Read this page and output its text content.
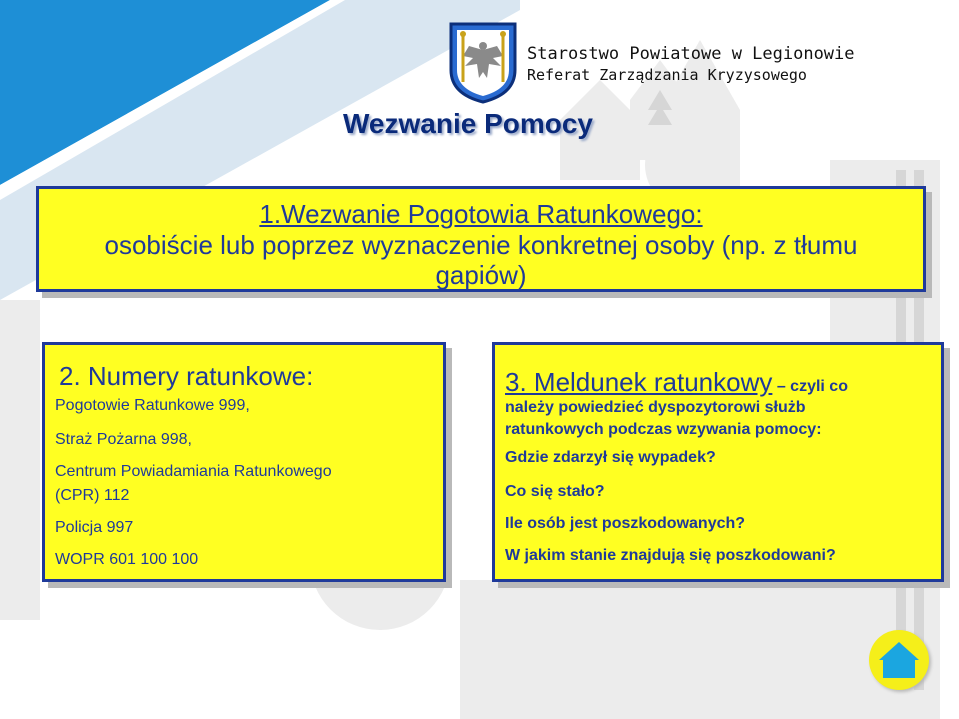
Starostwo Powiatowe w Legionowie
Referat Zarządzania Kryzysowego
Wezwanie Pomocy
1.Wezwanie Pogotowia Ratunkowego:
osobiście lub poprzez wyznaczenie konkretnej osoby (np. z tłumu
gapiów)
2. Numery ratunkowe:
Pogotowie Ratunkowe 999,
Straż Pożarna 998,
Centrum Powiadamiania Ratunkowego
(CPR) 112
Policja 997
WOPR 601 100 100
3. Meldunek ratunkowy – czyli co
należy powiedzieć dyspozytorowi służb
ratunkowych podczas wzywania pomocy:
Gdzie zdarzył się wypadek?
Co się stało?
Ile osób jest poszkodowanych?
W jakim stanie znajdują się poszkodowani?
